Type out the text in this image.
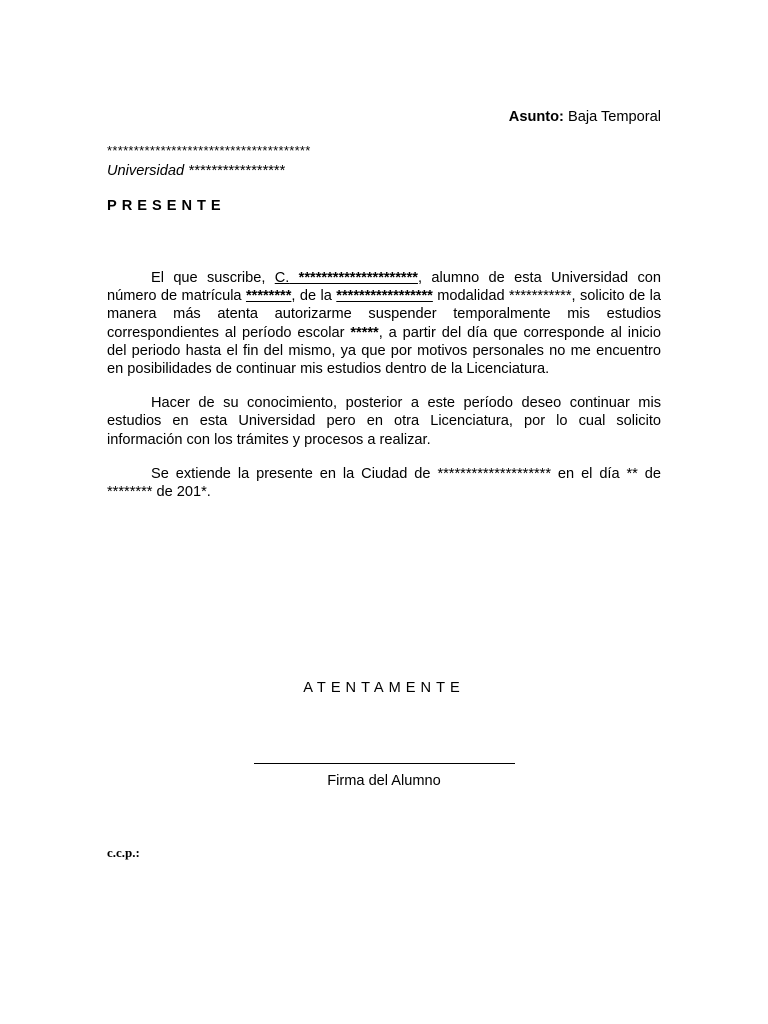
Asunto: Baja Temporal
**************************************
Universidad *****************
PRESENTE

El que suscribe, C. *********************, alumno de esta Universidad con número de matrícula ********, de la ***************** modalidad ***********, solicito de la manera más atenta autorizarme suspender temporalmente mis estudios correspondientes al período escolar *****, a partir del día que corresponde al inicio del periodo hasta el fin del mismo, ya que por motivos personales no me encuentro en posibilidades de continuar mis estudios dentro de la Licenciatura.

Hacer de su conocimiento, posterior a este período deseo continuar mis estudios en esta Universidad pero en otra Licenciatura, por lo cual solicito información con los trámites y procesos a realizar.

Se extiende la presente en la Ciudad de ******************** en el día ** de ******** de 201*.

ATENTAMENTE
Firma del Alumno
c.c.p.:
